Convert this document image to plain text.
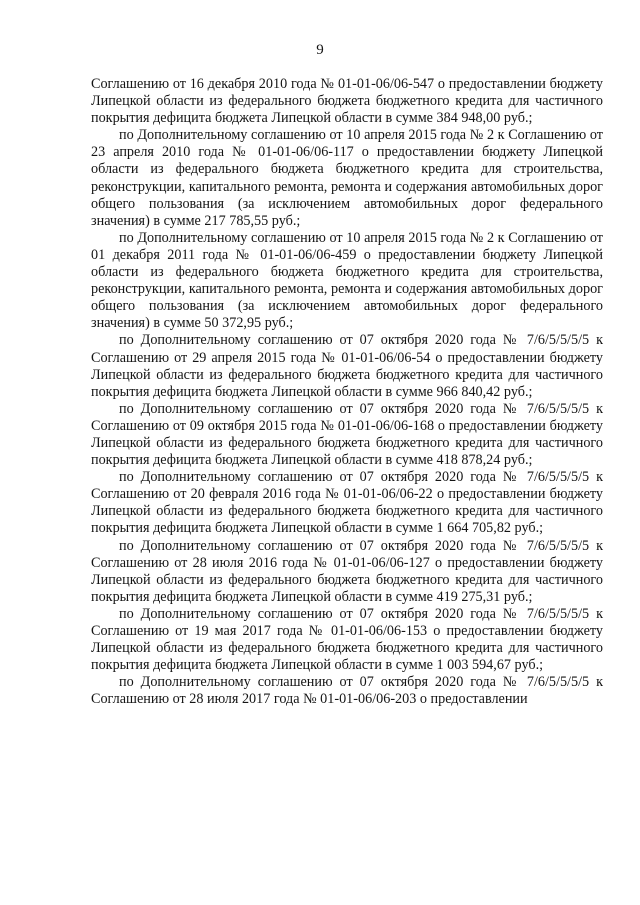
9

Соглашению от 16 декабря 2010 года № 01-01-06/06-547 о предоставлении бюджету Липецкой области из федерального бюджета бюджетного кредита для частичного покрытия дефицита бюджета Липецкой области в сумме 384 948,00 руб.;

по Дополнительному соглашению от 10 апреля 2015 года № 2 к Соглашению от 23 апреля 2010 года № 01-01-06/06-117 о предоставлении бюджету Липецкой области из федерального бюджета бюджетного кредита для строительства, реконструкции, капитального ремонта, ремонта и содержания автомобильных дорог общего пользования (за исключением автомобильных дорог федерального значения) в сумме 217 785,55 руб.;

по Дополнительному соглашению от 10 апреля 2015 года № 2 к Соглашению от 01 декабря 2011 года № 01-01-06/06-459 о предоставлении бюджету Липецкой области из федерального бюджета бюджетного кредита для строительства, реконструкции, капитального ремонта, ремонта и содержания автомобильных дорог общего пользования (за исключением автомобильных дорог федерального значения) в сумме 50 372,95 руб.;

по Дополнительному соглашению от 07 октября 2020 года № 7/6/5/5/5/5 к Соглашению от 29 апреля 2015 года № 01-01-06/06-54 о предоставлении бюджету Липецкой области из федерального бюджета бюджетного кредита для частичного покрытия дефицита бюджета Липецкой области в сумме 966 840,42 руб.;

по Дополнительному соглашению от 07 октября 2020 года № 7/6/5/5/5/5 к Соглашению от 09 октября 2015 года № 01-01-06/06-168 о предоставлении бюджету Липецкой области из федерального бюджета бюджетного кредита для частичного покрытия дефицита бюджета Липецкой области в сумме 418 878,24 руб.;

по Дополнительному соглашению от 07 октября 2020 года № 7/6/5/5/5/5 к Соглашению от 20 февраля 2016 года № 01-01-06/06-22 о предоставлении бюджету Липецкой области из федерального бюджета бюджетного кредита для частичного покрытия дефицита бюджета Липецкой области в сумме 1 664 705,82 руб.;

по Дополнительному соглашению от 07 октября 2020 года № 7/6/5/5/5/5 к Соглашению от 28 июля 2016 года № 01-01-06/06-127 о предоставлении бюджету Липецкой области из федерального бюджета бюджетного кредита для частичного покрытия дефицита бюджета Липецкой области в сумме 419 275,31 руб.;

по Дополнительному соглашению от 07 октября 2020 года № 7/6/5/5/5/5 к Соглашению от 19 мая 2017 года № 01-01-06/06-153 о предоставлении бюджету Липецкой области из федерального бюджета бюджетного кредита для частичного покрытия дефицита бюджета Липецкой области в сумме 1 003 594,67 руб.;

по Дополнительному соглашению от 07 октября 2020 года № 7/6/5/5/5/5 к Соглашению от 28 июля 2017 года № 01-01-06/06-203 о предоставлении
